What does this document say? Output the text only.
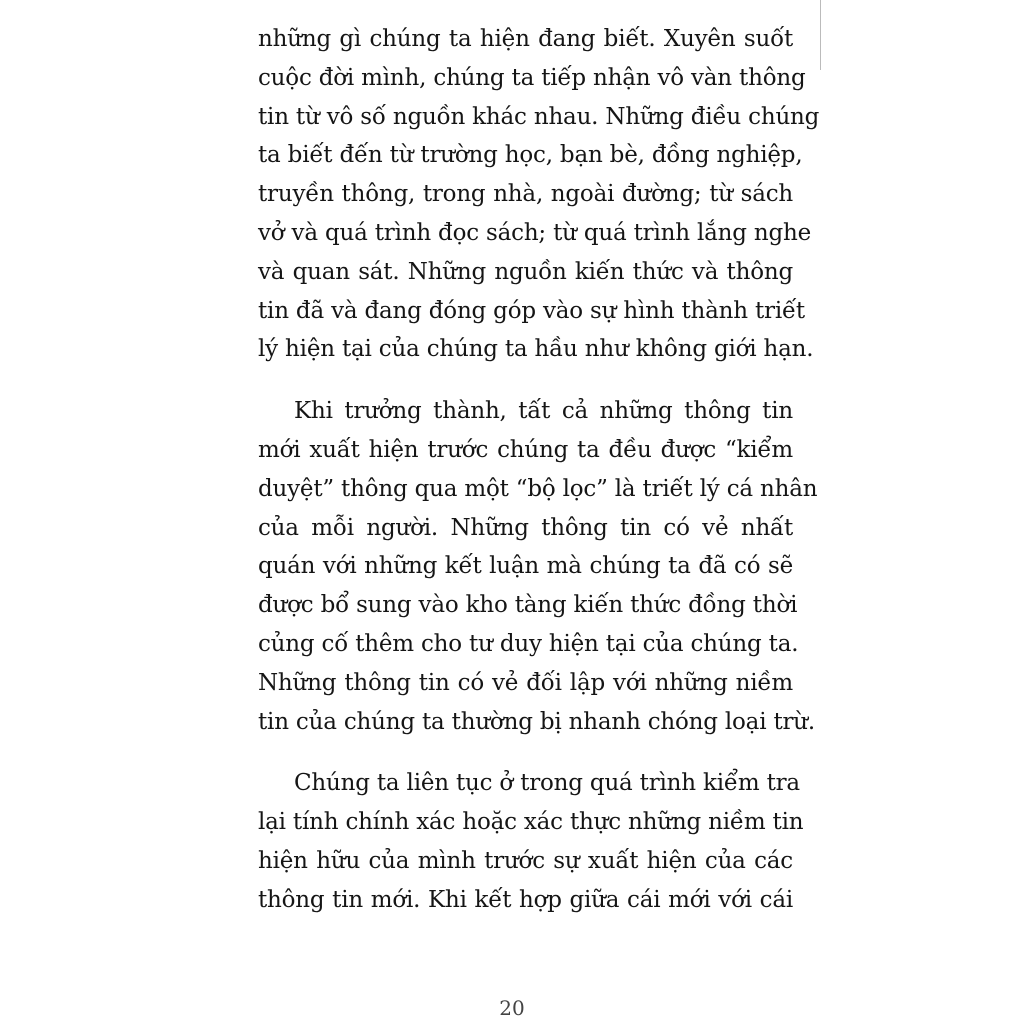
những gì chúng ta hiện đang biết. Xuyên suốt
cuộc đời mình, chúng ta tiếp nhận vô vàn thông
tin từ vô số nguồn khác nhau. Những điều chúng
ta biết đến từ trường học, bạn bè, đồng nghiệp,
truyền thông, trong nhà, ngoài đường; từ sách
vở và quá trình đọc sách; từ quá trình lắng nghe
và quan sát. Những nguồn kiến thức và thông
tin đã và đang đóng góp vào sự hình thành triết
lý hiện tại của chúng ta hầu như không giới hạn.
Khi trưởng thành, tất cả những thông tin
mới xuất hiện trước chúng ta đều được “kiểm
duyệt” thông qua một “bộ lọc” là triết lý cá nhân
của mỗi người. Những thông tin có vẻ nhất
quán với những kết luận mà chúng ta đã có sẽ
được bổ sung vào kho tàng kiến thức đồng thời
củng cố thêm cho tư duy hiện tại của chúng ta.
Những thông tin có vẻ đối lập với những niềm
tin của chúng ta thường bị nhanh chóng loại trừ.
Chúng ta liên tục ở trong quá trình kiểm tra
lại tính chính xác hoặc xác thực những niềm tin
hiện hữu của mình trước sự xuất hiện của các
thông tin mới. Khi kết hợp giữa cái mới với cái
20
